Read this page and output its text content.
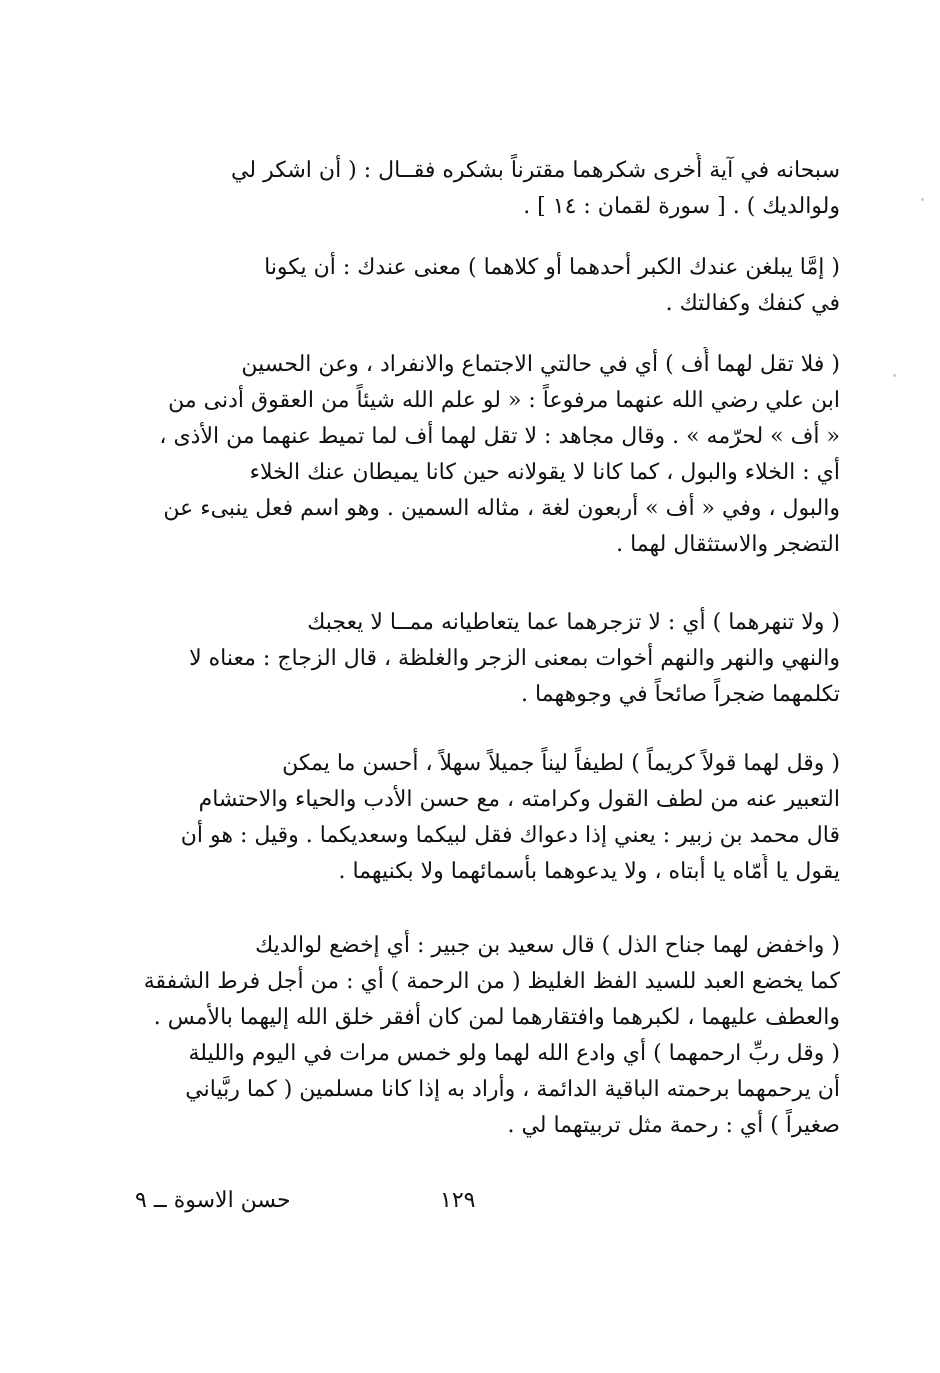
سبحانه في آية أُخرى شكرهما مقترناً بشكره فقــال : ( أن اشكر لي
ولوالديك ) . [ سورة لقمان : ١٤ ] .
( إمَّا يبلغن عندك الكبر أحدهما أو كلاهما ) معنى عندك : أن يكونا
في كنفك وكفالتك .
( فلا تقل لهما أُف ) أي في حالتي الاجتماع والانفراد ، وعن الحسين
ابن علي رضي الله عنهما مرفوعاً : « لو علم الله شيئاً من العقوق أدنى من
« أف » لحرّمه » . وقال مجاهد : لا تقل لهما أف لما تميط عنهما من الأذى ،
أي : الخلاء والبول ، كما كانا لا يقولانه حين كانا يميطان عنك الخلاء
والبول ، وفي « أف » أربعون لغة ، مثاله السمين . وهو اسم فعل ينبىء عن
التضجر والاستثقال لهما .
( ولا تنهرهما ) أي : لا تزجرهما عما يتعاطيانه ممــا لا يعجبك
والنهي والنهر والنهم أخوات بمعنى الزجر والغلظة ، قال الزجاج : معناه لا
تكلمهما ضجراً صائحاً في وجوههما .
( وقل لهما قولاً كريماً ) لطيفاً ليناً جميلاً سهلاً ، أحسن ما يمكن
التعبير عنه من لطف القول وكرامته ، مع حسن الأدب والحياء والاحتشام
قال محمد بن زبير : يعني إذا دعواك فقل لبيكما وسعديكما . وقيل : هو أن
يقول يا أُمّاه يا أبتاه ، ولا يدعوهما بأسمائهما ولا بكنيهما .
( واخفض لهما جناح الذل ) قال سعيد بن جبير : أي إخضع لوالديك
كما يخضع العبد للسيد الفظ الغليظ ( من الرحمة ) أي : من أجل فرط الشفقة
والعطف عليهما ، لكبرهما وافتقارهما لمن كان أفقر خلق الله إليهما بالأمس .
( وقل ربِّ ارحمهما ) أي وادع الله لهما ولو خمس مرات في اليوم والليلة
أن يرحمهما برحمته الباقية الدائمة ، وأراد به إذا كانا مسلمين ( كما ربَّياني
صغيراً ) أي : رحمة مثل تربيتهما لي .
١٢٩
حسن الاسوة ــ ٩
